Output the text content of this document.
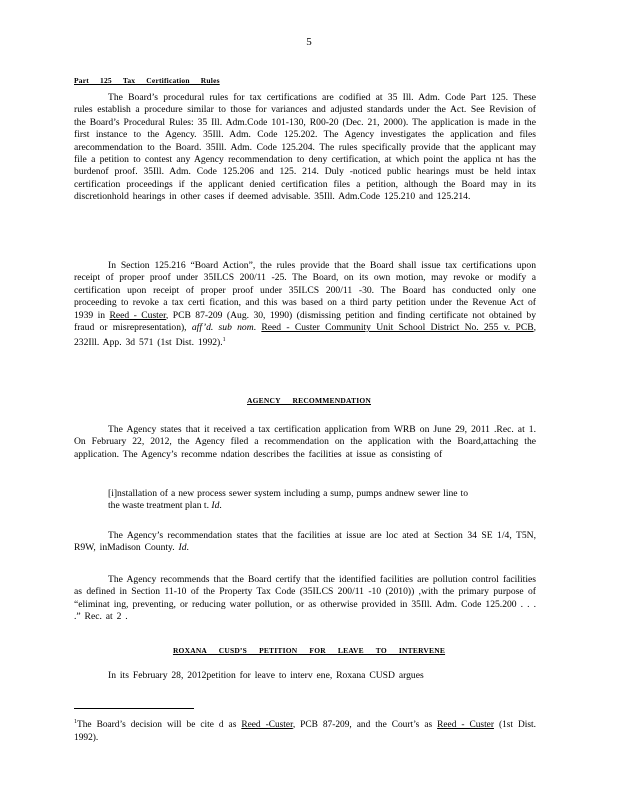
5
Part 125 Tax Certification Rules

The Board’s procedural rules for tax certifications are codified at 35 Ill. Adm. Code Part 125. These rules establish a procedure similar to those for variances and adjusted standards under the Act. See Revision of the Board’s Procedural Rules: 35 Ill. Adm.Code 101-130, R00-20 (Dec. 21, 2000). The application is made in the first instance to the Agency. 35Ill. Adm. Code 125.202. The Agency investigates the application and files arecommendation to the Board. 35Ill. Adm. Code 125.204. The rules specifically provide that the applicant may file a petition to contest any Agency recommendation to deny certification, at which point the applica nt has the burdenof proof. 35Ill. Adm. Code 125.206 and 125. 214. Duly -noticed public hearings must be held intax certification proceedings if the applicant denied certification files a petition, although the Board may in its discretionhold hearings in other cases if deemed advisable. 35Ill. Adm.Code 125.210 and 125.214.

In Section 125.216 “Board Action”, the rules provide that the Board shall issue tax certifications upon receipt of proper proof under 35ILCS 200/11 -25. The Board, on its own motion, may revoke or modify a certification upon receipt of proper proof under 35ILCS 200/11 -30. The Board has conducted only one proceeding to revoke a tax certi fication, and this was based on a third party petition under the Revenue Act of 1939 in Reed - Custer, PCB 87-209 (Aug. 30, 1990) (dismissing petition and finding certificate not obtained by fraud or misrepresentation), aff’d. sub nom. Reed - Custer Community Unit School District No. 255 v. PCB, 232Ill. App. 3d 571 (1st Dist. 1992).$^1$

AGENCY RECOMMENDATION

The Agency states that it received a tax certification application from WRB on June 29, 2011 .Rec. at 1. On February 22, 2012, the Agency filed a recommendation on the application with the Board,attaching the application. The Agency’s recomme ndation describes the facilities at issue as consisting of

[i]nstallation of a new process sewer system including a sump, pumps andnew sewer line to the waste treatment plan t. Id.

The Agency’s recommendation states that the facilities at issue are loc ated at Section 34 SE 1/4, T5N, R9W, inMadison County. Id.

The Agency recommends that the Board certify that the identified facilities are pollution control facilities as defined in Section 11-10 of the Property Tax Code (35ILCS 200/11 -10 (2010)) ,with the primary purpose of “eliminat ing, preventing, or reducing water pollution, or as otherwise provided in 35Ill. Adm. Code 125.200 . . . .” Rec. at 2 .

ROXANA CUSD’S PETITION FOR LEAVE TO INTERVENE

In its February 28, 2012petition for leave to interv ene, Roxana CUSD argues

$^1$The Board’s decision will be cite d as Reed -Custer, PCB 87-209, and the Court’s as Reed - Custer (1st Dist. 1992).
